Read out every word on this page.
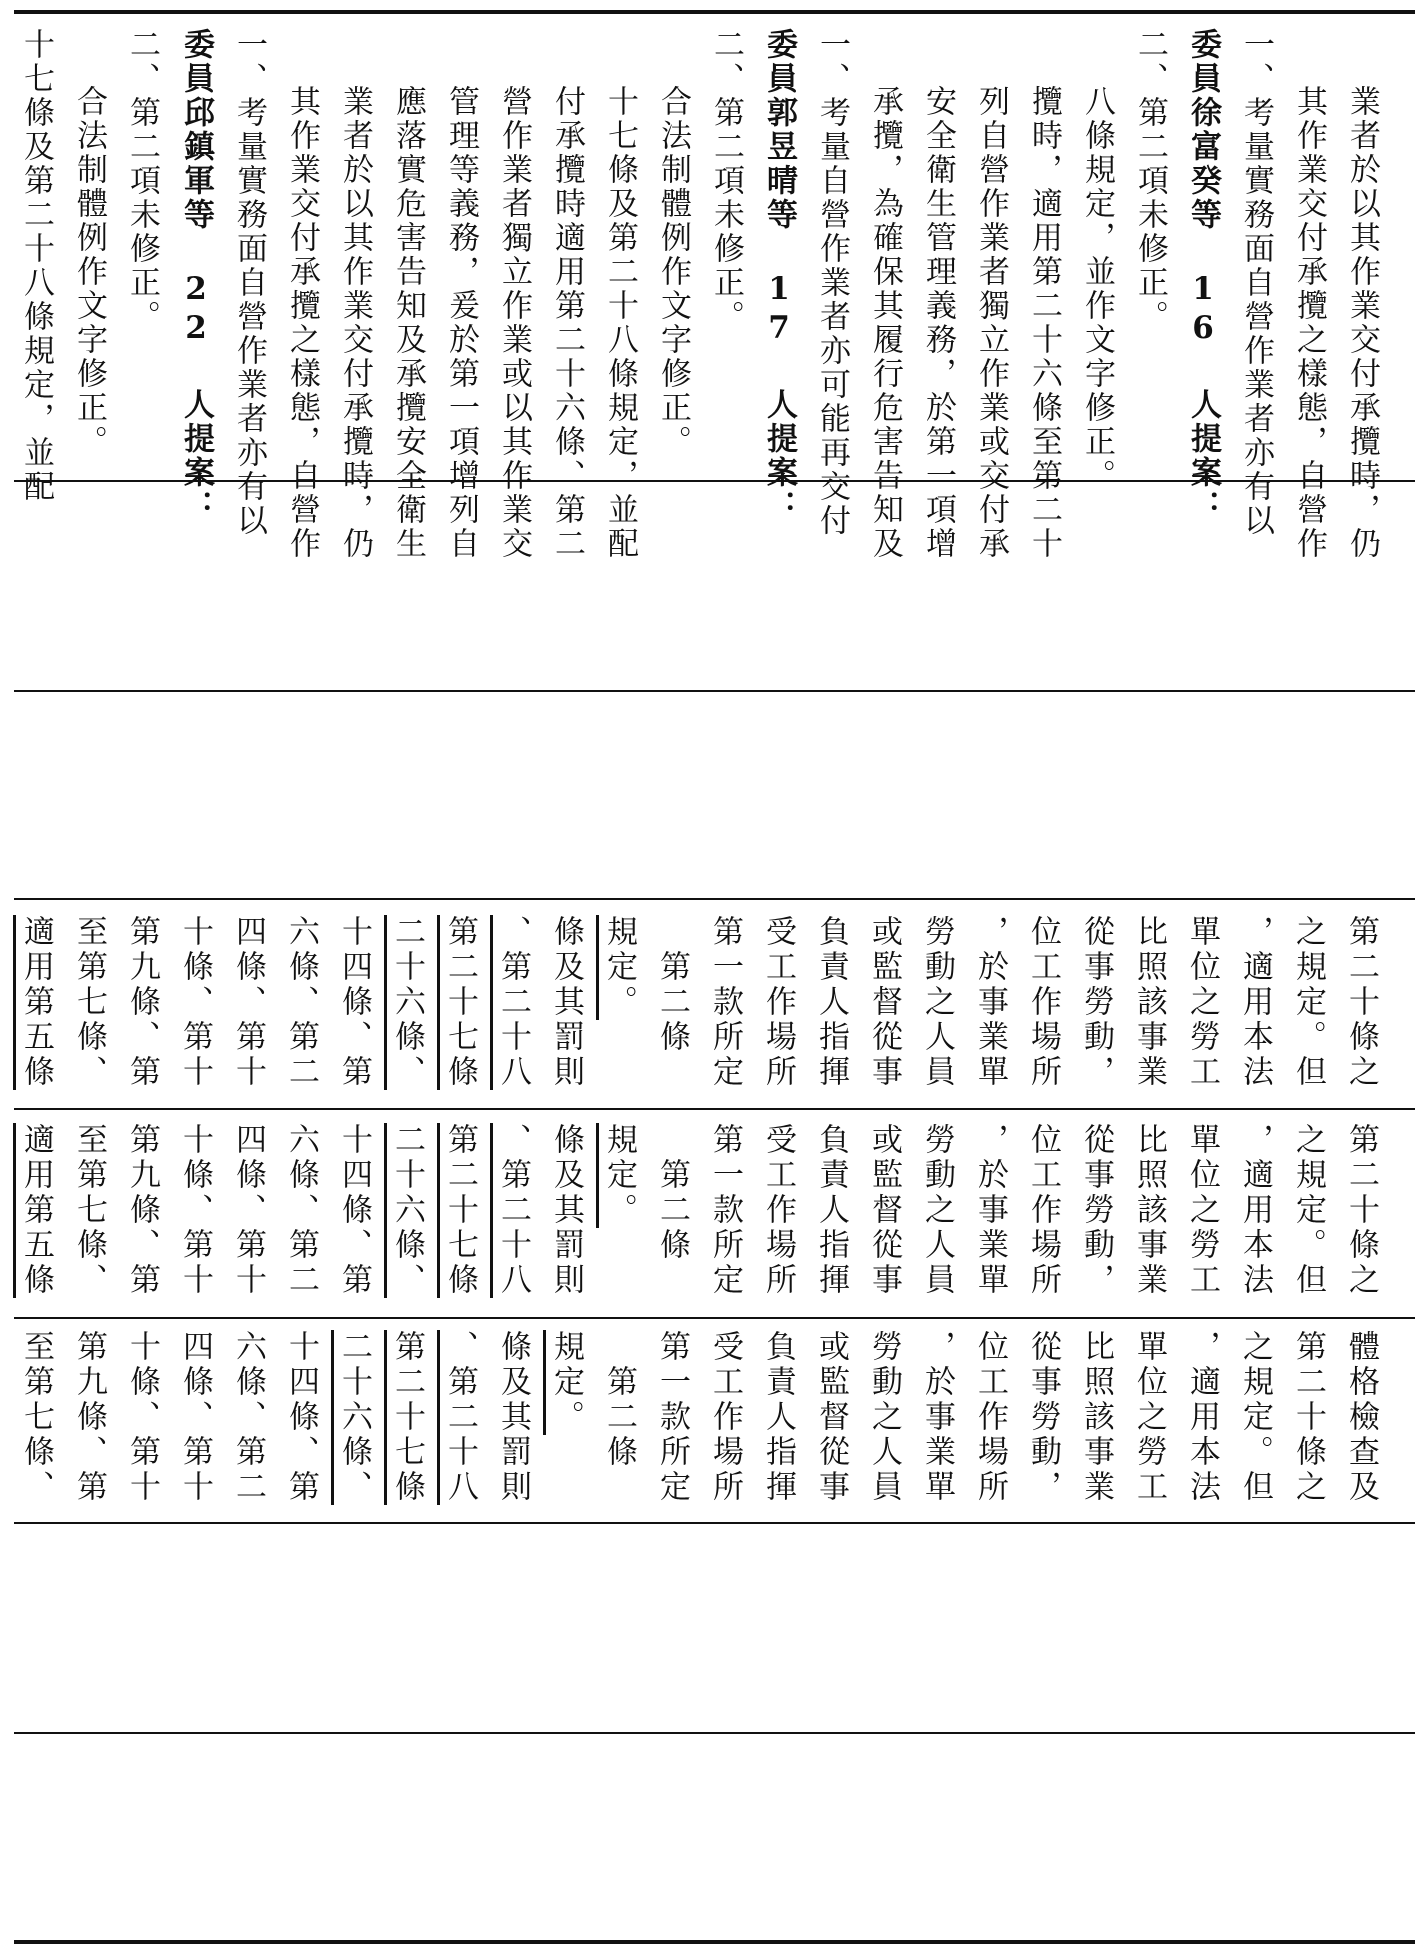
十七條及第二十八條規定，並配 合法制體例作文字修正。 二、第二項未修正。 委員邱鎮軍等 22 人提案： 一、考量實務面自營作業者亦有以 其作業交付承攬之樣態，自營作 業者於以其作業交付承攬時，仍 應落實危害告知及承攬安全衛生 管理等義務，爰於第一項增列自 營作業者獨立作業或以其作業交 付承攬時適用第二十六條、第二 十七條及第二十八條規定，並配 合法制體例作文字修正。 二、第二項未修正。 委員郭昱晴等 17 人提案： 一、考量自營作業者亦可能再交付 承攬，為確保其履行危害告知及 安全衛生管理義務，於第一項增 列自營作業者獨立作業或交付承 攬時，適用第二十六條至第二十 八條規定，並作文字修正。 二、第二項未修正。 委員徐富癸等 16 人提案： 一、考量實務面自營作業者亦有以 其作業交付承攬之樣態，自營作 業者於以其作業交付承攬時，仍
適用第五條 至第七條、 第九條、第 十條、第十 四條、第十 六條、第二 十四條、第 二十六條、 第二十七條 、第二十八 條及其罰則 規定。 　第二條 第一款所定 受工作場所 負責人指揮 或監督從事 勞動之人員 ，於事業單 位工作場所 從事勞動， 比照該事業 單位之勞工 ，適用本法 之規定。但 第二十條之
適用第五條 至第七條、 第九條、第 十條、第十 四條、第十 六條、第二 十四條、第 二十六條、 第二十七條 、第二十八 條及其罰則 規定。 　第二條 第一款所定 受工作場所 負責人指揮 或監督從事 勞動之人員 ，於事業單 位工作場所 從事勞動， 比照該事業 單位之勞工 ，適用本法 之規定。但 第二十條之
至第七條、 第九條、第 十條、第十 四條、第十 六條、第二 十四條、第 二十六條、 第二十七條 、第二十八 條及其罰則 規定。 　第二條 第一款所定 受工作場所 負責人指揮 或監督從事 勞動之人員 ，於事業單 位工作場所 從事勞動， 比照該事業 單位之勞工 ，適用本法 之規定。但 第二十條之 體格檢查及
